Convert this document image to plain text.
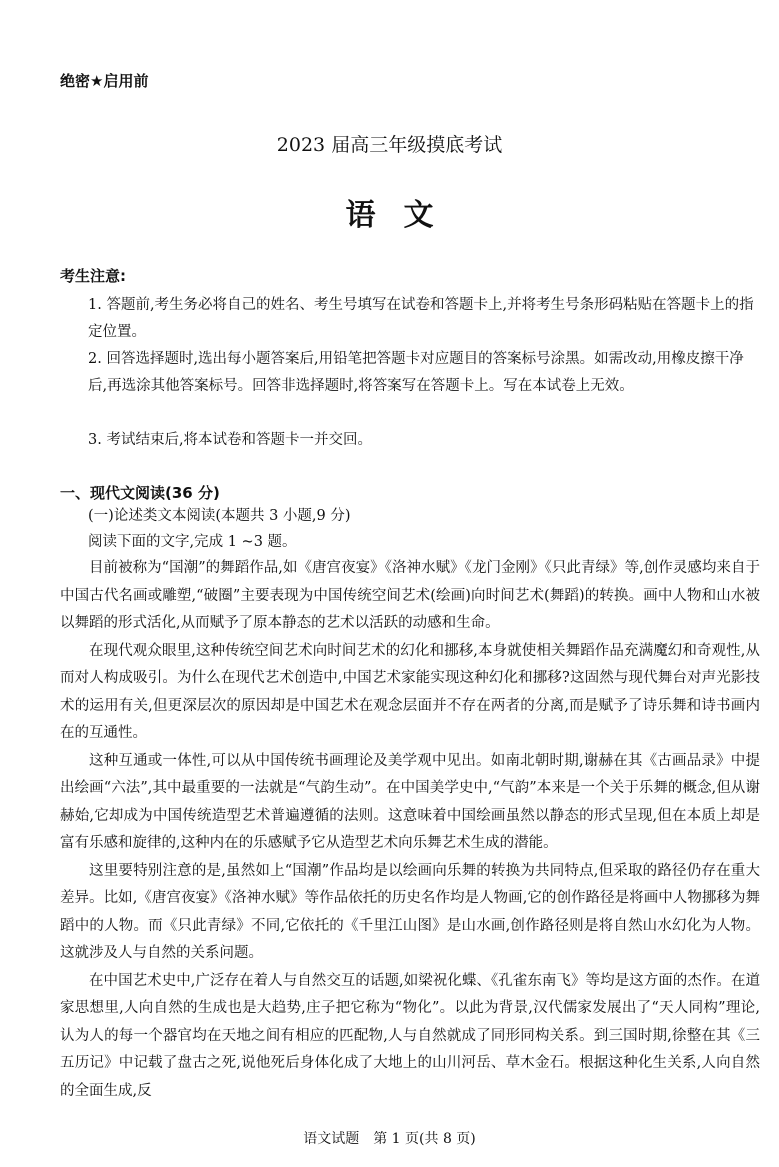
绝密★启用前
2023 届高三年级摸底考试
语文
考生注意:
1. 答题前,考生务必将自己的姓名、考生号填写在试卷和答题卡上,并将考生号条形码粘贴在答题卡上的指定位置。
2. 回答选择题时,选出每小题答案后,用铅笔把答题卡对应题目的答案标号涂黑。如需改动,用橡皮擦干净后,再选涂其他答案标号。回答非选择题时,将答案写在答题卡上。写在本试卷上无效。
3. 考试结束后,将本试卷和答题卡一并交回。
一、现代文阅读(36 分)
(一)论述类文本阅读(本题共 3 小题,9 分)
阅读下面的文字,完成 1 ~3 题。

目前被称为“国潮”的舞蹈作品,如《唐宫夜宴》《洛神水赋》《龙门金刚》《只此青绿》等,创作灵感均来自于中国古代名画或雕塑,“破圈”主要表现为中国传统空间艺术(绘画)向时间艺术(舞蹈)的转换。画中人物和山水被以舞蹈的形式活化,从而赋予了原本静态的艺术以活跃的动感和生命。

在现代观众眼里,这种传统空间艺术向时间艺术的幻化和挪移,本身就使相关舞蹈作品充满魔幻和奇观性,从而对人构成吸引。为什么在现代艺术创造中,中国艺术家能实现这种幻化和挪移?这固然与现代舞台对声光影技术的运用有关,但更深层次的原因却是中国艺术在观念层面并不存在两者的分离,而是赋予了诗乐舞和诗书画内在的互通性。

这种互通或一体性,可以从中国传统书画理论及美学观中见出。如南北朝时期,谢赫在其《古画品录》中提出绘画“六法”,其中最重要的一法就是“气韵生动”。在中国美学史中,“气韵”本来是一个关于乐舞的概念,但从谢赫始,它却成为中国传统造型艺术普遍遵循的法则。这意味着中国绘画虽然以静态的形式呈现,但在本质上却是富有乐感和旋律的,这种内在的乐感赋予它从造型艺术向乐舞艺术生成的潜能。

这里要特别注意的是,虽然如上“国潮”作品均是以绘画向乐舞的转换为共同特点,但采取的路径仍存在重大差异。比如,《唐宫夜宴》《洛神水赋》等作品依托的历史名作均是人物画,它的创作路径是将画中人物挪移为舞蹈中的人物。而《只此青绿》不同,它依托的《千里江山图》是山水画,创作路径则是将自然山水幻化为人物。这就涉及人与自然的关系问题。

在中国艺术史中,广泛存在着人与自然交互的话题,如梁祝化蝶、《孔雀东南飞》等均是这方面的杰作。在道家思想里,人向自然的生成也是大趋势,庄子把它称为“物化”。以此为背景,汉代儒家发展出了“天人同构”理论,认为人的每一个器官均在天地之间有相应的匹配物,人与自然就成了同形同构关系。到三国时期,徐整在其《三五历记》中记载了盘古之死,说他死后身体化成了大地上的山川河岳、草木金石。根据这种化生关系,人向自然的全面生成,反

语文试题　第 1 页(共 8 页)
